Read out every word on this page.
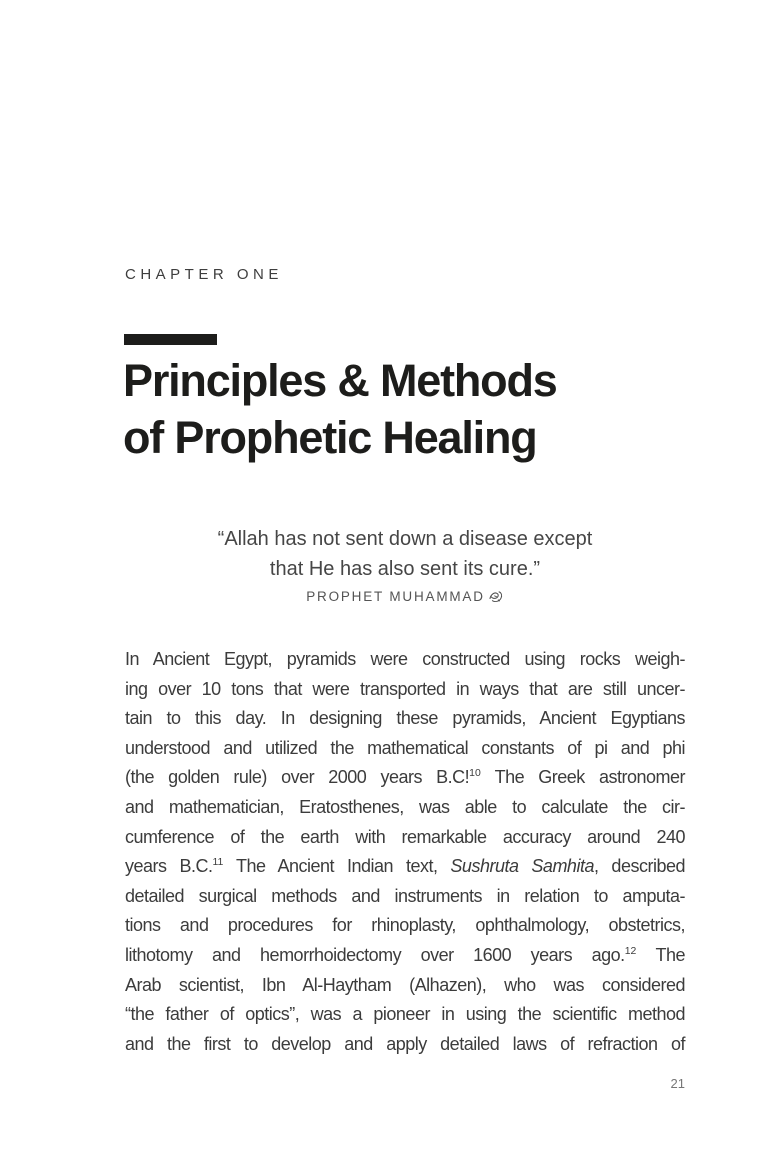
CHAPTER ONE
Principles & Methods
of Prophetic Healing
“Allah has not sent down a disease except
that He has also sent its cure.”
PROPHET MUHAMMAD
In Ancient Egypt, pyramids were constructed using rocks weigh-
ing over 10 tons that were transported in ways that are still uncer-
tain to this day. In designing these pyramids, Ancient Egyptians
understood and utilized the mathematical constants of pi and phi
(the golden rule) over 2000 years B.C!$^{10}$ The Greek astronomer
and mathematician, Eratosthenes, was able to calculate the cir-
cumference of the earth with remarkable accuracy around 240
years B.C.$^{11}$ The Ancient Indian text, Sushruta Samhita, described
detailed surgical methods and instruments in relation to amputa-
tions and procedures for rhinoplasty, ophthalmology, obstetrics,
lithotomy and hemorrhoidectomy over 1600 years ago.$^{12}$ The
Arab scientist, Ibn Al-Haytham (Alhazen), who was considered
“the father of optics”, was a pioneer in using the scientific method
and the first to develop and apply detailed laws of refraction of
21
